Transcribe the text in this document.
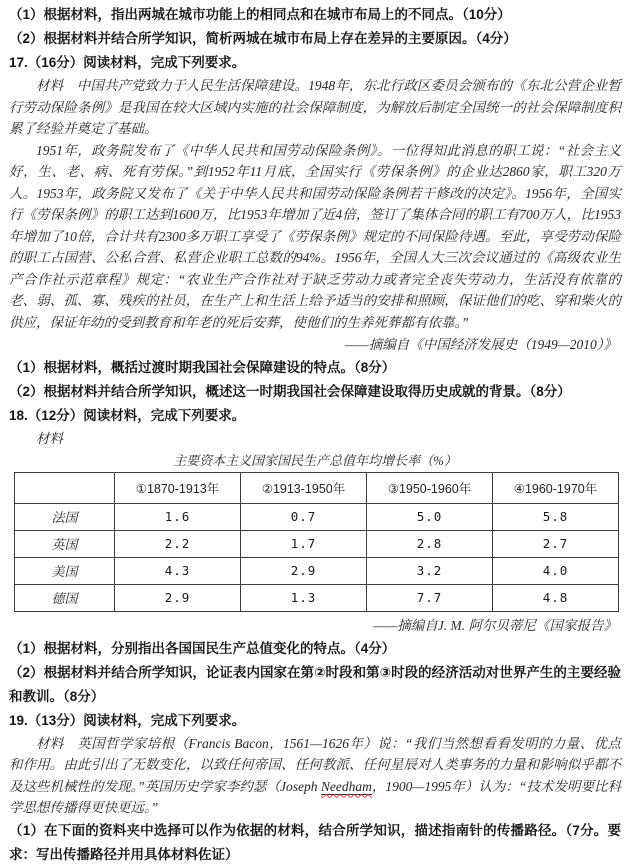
（1）根据材料，指出两城在城市功能上的相同点和在城市布局上的不同点。（10分）

（2）根据材料并结合所学知识，简析两城在城市布局上存在差异的主要原因。（4分）

17.（16分）阅读材料，完成下列要求。

材料 中国共产党致力于人民生活保障建设。1948年，东北行政区委员会颁布的《东北公营企业暂行劳动保险条例》是我国在较大区域内实施的社会保障制度，为解放后制定全国统一的社会保障制度积累了经验并奠定了基础。

1951年，政务院发布了《中华人民共和国劳动保险条例》。一位得知此消息的职工说：“社会主义好，生、老、病、死有劳保。”到1952年11月底，全国实行《劳保条例》的企业达2860家，职工320万人。1953年，政务院又发布了《关于中华人民共和国劳动保险条例若干修改的决定》。1956年，全国实行《劳保条例》的职工达到1600万，比1953年增加了近4倍，签订了集体合同的职工有700万人，比1953年增加了10倍，合计共有2300多万职工享受了《劳保条例》规定的不同保险待遇。至此，享受劳动保险的职工占国营、公私合营、私营企业职工总数的94%。1956年，全国人大三次会议通过的《高级农业生产合作社示范章程》规定：“农业生产合作社对于缺乏劳动力或者完全丧失劳动力，生活没有依靠的老、弱、孤、寡、残疾的社员，在生产上和生活上给予适当的安排和照顾，保证他们的吃、穿和柴火的供应，保证年幼的受到教育和年老的死后安葬，使他们的生养死葬都有依靠。”

——摘编自《中国经济发展史（1949—2010）》

（1）根据材料，概括过渡时期我国社会保障建设的特点。（8分）

（2）根据材料并结合所学知识，概述这一时期我国社会保障建设取得历史成就的背景。（8分）

18.（12分）阅读材料，完成下列要求。

材料

主要资本主义国家国民生产总值年均增长率（%）

	①1870-1913年	②1913-1950年	③1950-1960年	④1960-1970年
法国	1.6	0.7	5.0	5.8
英国	2.2	1.7	2.8	2.7
美国	4.3	2.9	3.2	4.0
德国	2.9	1.3	7.7	4.8

——摘编自J. M. 阿尔贝蒂尼《国家报告》

（1）根据材料，分别指出各国国民生产总值变化的特点。（4分）

（2）根据材料并结合所学知识，论证表内国家在第②时段和第③时段的经济活动对世界产生的主要经验和教训。（8分）

19.（13分）阅读材料，完成下列要求。

材料 英国哲学家培根（Francis Bacon，1561—1626年）说：“我们当然想看看发明的力量、优点和作用。由此引出了无数变化，以致任何帝国、任何教派、任何星辰对人类事务的力量和影响似乎都不及这些机械性的发现。”英国历史学家李约瑟（Joseph Needham，1900—1995年）认为：“技术发明要比科学思想传播得更快更远。”

（1）在下面的资料夹中选择可以作为依据的材料，结合所学知识，描述指南针的传播路径。（7分。要求：写出传播路径并用具体材料佐证）
